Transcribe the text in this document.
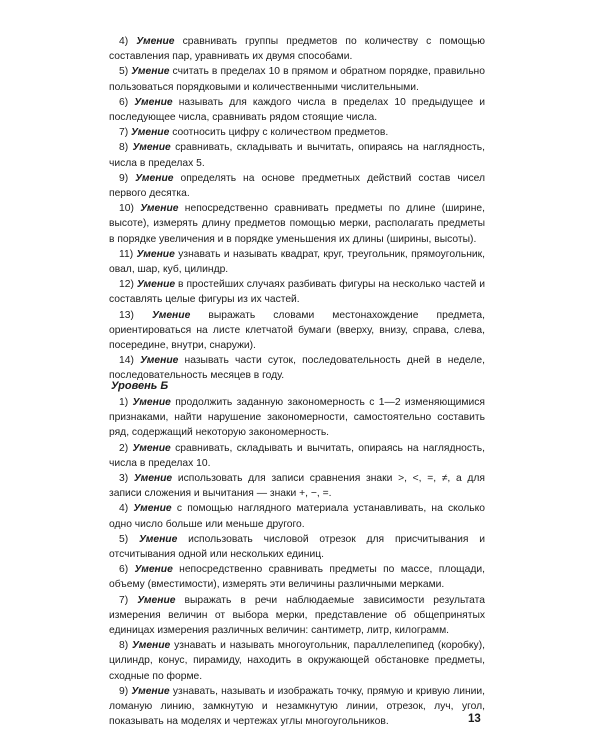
4) Умение сравнивать группы предметов по количеству с помощью составления пар, уравнивать их двумя способами.

5) Умение считать в пределах 10 в прямом и обратном порядке, правильно пользоваться порядковыми и количественными числительными.

6) Умение называть для каждого числа в пределах 10 предыдущее и последующее числа, сравнивать рядом стоящие числа.

7) Умение соотносить цифру с количеством предметов.

8) Умение сравнивать, складывать и вычитать, опираясь на наглядность, числа в пределах 5.

9) Умение определять на основе предметных действий состав чисел первого десятка.

10) Умение непосредственно сравнивать предметы по длине (ширине, высоте), измерять длину предметов помощью мерки, располагать предметы в порядке увеличения и в порядке уменьшения их длины (ширины, высоты).

11) Умение узнавать и называть квадрат, круг, треугольник, прямоугольник, овал, шар, куб, цилиндр.

12) Умение в простейших случаях разбивать фигуры на несколько частей и составлять целые фигуры из их частей.

13) Умение выражать словами местонахождение предмета, ориентироваться на листе клетчатой бумаги (вверху, внизу, справа, слева, посередине, внутри, снаружи).

14) Умение называть части суток, последовательность дней в неделе, последовательность месяцев в году.

Уровень Б

1) Умение продолжить заданную закономерность с 1—2 изменяющимися признаками, найти нарушение закономерности, самостоятельно составить ряд, содержащий некоторую закономерность.

2) Умение сравнивать, складывать и вычитать, опираясь на наглядность, числа в пределах 10.

3) Умение использовать для записи сравнения знаки >, <, =, ≠, а для записи сложения и вычитания — знаки +, −, =.

4) Умение с помощью наглядного материала устанавливать, на сколько одно число больше или меньше другого.

5) Умение использовать числовой отрезок для присчитывания и отсчитывания одной или нескольких единиц.

6) Умение непосредственно сравнивать предметы по массе, площади, объему (вместимости), измерять эти величины различными мерками.

7) Умение выражать в речи наблюдаемые зависимости результата измерения величин от выбора мерки, представление об общепринятых единицах измерения различных величин: сантиметр, литр, килограмм.

8) Умение узнавать и называть многоугольник, параллелепипед (коробку), цилиндр, конус, пирамиду, находить в окружающей обстановке предметы, сходные по форме.

9) Умение узнавать, называть и изображать точку, прямую и кривую линии, ломаную линию, замкнутую и незамкнутую линии, отрезок, луч, угол, показывать на моделях и чертежах углы многоугольников.	13
